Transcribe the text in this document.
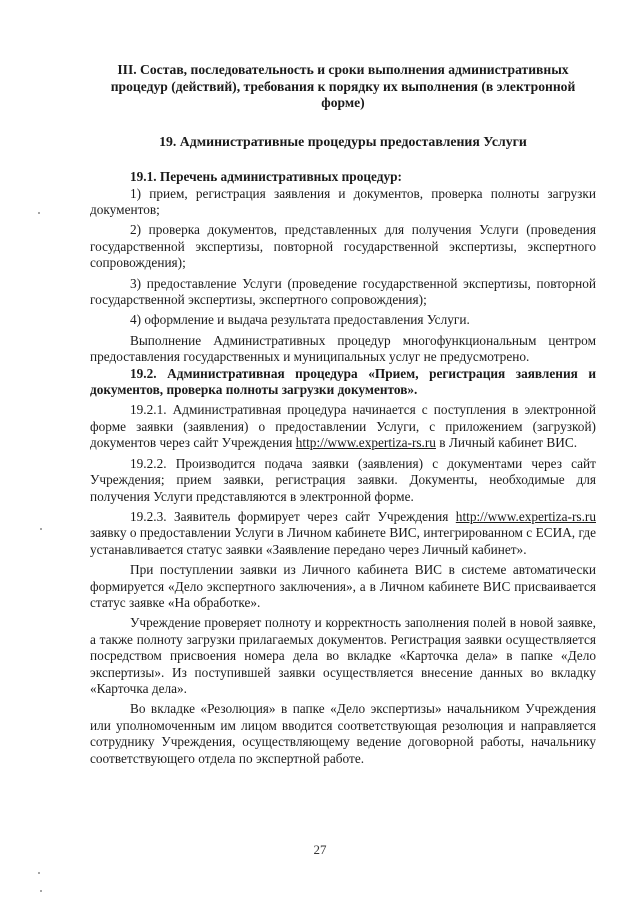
III. Состав, последовательность и сроки выполнения административных процедур (действий), требования к порядку их выполнения (в электронной форме)
19. Административные процедуры предоставления Услуги
19.1. Перечень административных процедур:

1) прием, регистрация заявления и документов, проверка полноты загрузки документов;

2) проверка документов, представленных для получения Услуги (проведения государственной экспертизы, повторной государственной экспертизы, экспертного сопровождения);

3) предоставление Услуги (проведение государственной экспертизы, повторной государственной экспертизы, экспертного сопровождения);

4) оформление и выдача результата предоставления Услуги.

Выполнение Административных процедур многофункциональным центром предоставления государственных и муниципальных услуг не предусмотрено.

19.2. Административная процедура «Прием, регистрация заявления и документов, проверка полноты загрузки документов».

19.2.1. Административная процедура начинается с поступления в электронной форме заявки (заявления) о предоставлении Услуги, с приложением (загрузкой) документов через сайт Учреждения http://www.expertiza-rs.ru в Личный кабинет ВИС.

19.2.2. Производится подача заявки (заявления) с документами через сайт Учреждения; прием заявки, регистрация заявки. Документы, необходимые для получения Услуги представляются в электронной форме.

19.2.3. Заявитель формирует через сайт Учреждения http://www.expertiza-rs.ru заявку о предоставлении Услуги в Личном кабинете ВИС, интегрированном с ЕСИА, где устанавливается статус заявки «Заявление передано через Личный кабинет».

При поступлении заявки из Личного кабинета ВИС в системе автоматически формируется «Дело экспертного заключения», а в Личном кабинете ВИС присваивается статус заявке «На обработке».

Учреждение проверяет полноту и корректность заполнения полей в новой заявке, а также полноту загрузки прилагаемых документов. Регистрация заявки осуществляется посредством присвоения номера дела во вкладке «Карточка дела» в папке «Дело экспертизы». Из поступившей заявки осуществляется внесение данных во вкладку «Карточка дела».

Во вкладке «Резолюция» в папке «Дело экспертизы» начальником Учреждения или уполномоченным им лицом вводится соответствующая резолюция и направляется сотруднику Учреждения, осуществляющему ведение договорной работы, начальнику соответствующего отдела по экспертной работе.

27
